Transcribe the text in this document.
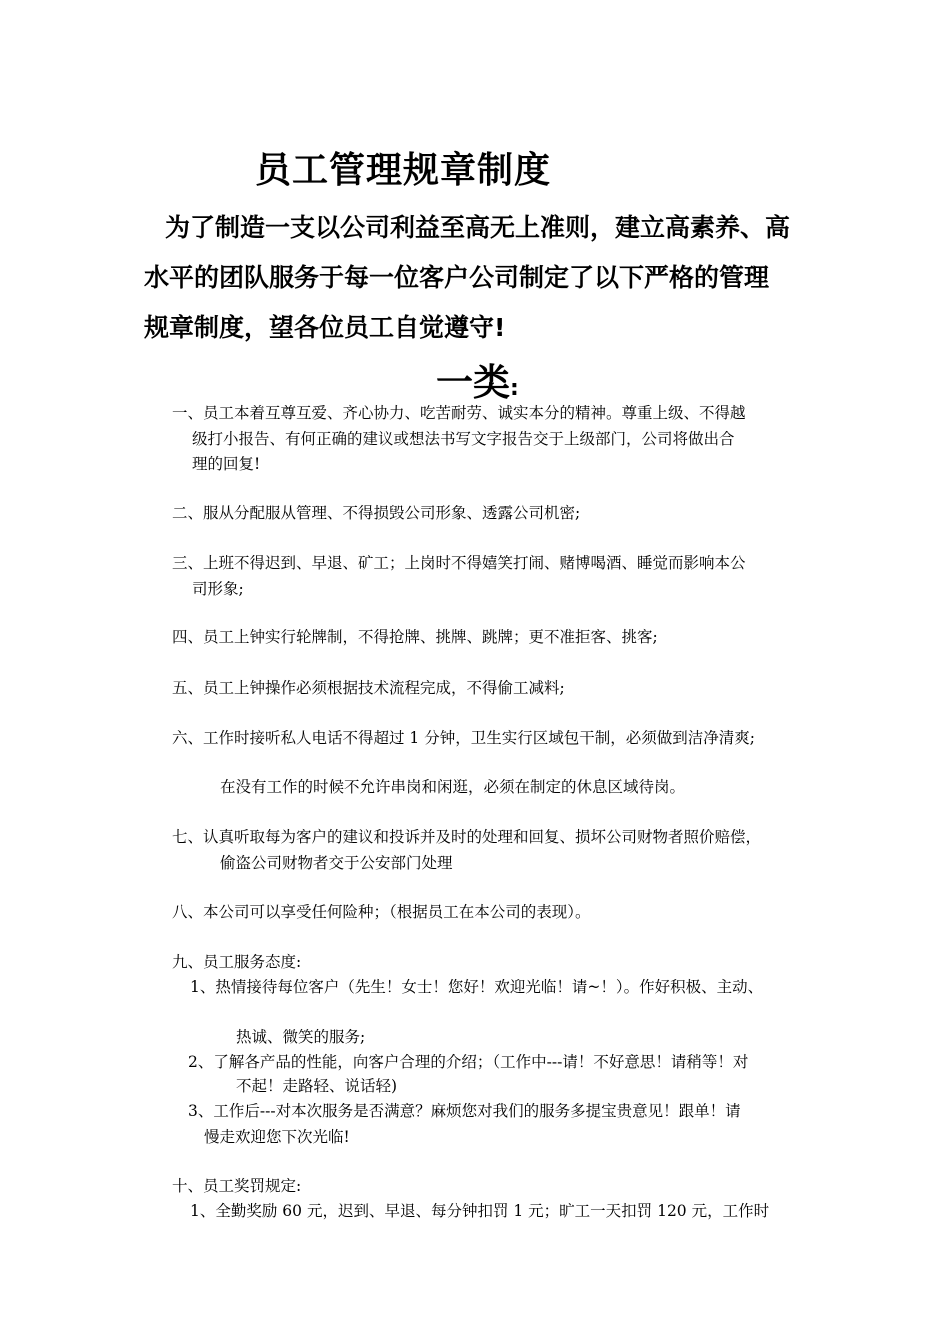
员工管理规章制度
为了制造一支以公司利益至高无上准则，建立高素养、高
水平的团队服务于每一位客户公司制定了以下严格的管理
规章制度，望各位员工自觉遵守!
一类:
一、员工本着互尊互爱、齐心协力、吃苦耐劳、诚实本分的精神。尊重上级、不得越
级打小报告、有何正确的建议或想法书写文字报告交于上级部门，公司将做出合
理的回复!
二、服从分配服从管理、不得损毁公司形象、透露公司机密;
三、上班不得迟到、早退、矿工；上岗时不得嬉笑打闹、赌博喝酒、睡觉而影响本公
司形象;
四、员工上钟实行轮牌制，不得抢牌、挑牌、跳牌；更不准拒客、挑客;
五、员工上钟操作必须根据技术流程完成，不得偷工减料;
六、工作时接听私人电话不得超过 1 分钟，卫生实行区域包干制，必须做到洁净清爽;
在没有工作的时候不允许串岗和闲逛，必须在制定的休息区域待岗。
七、认真听取每为客户的建议和投诉并及时的处理和回复、损坏公司财物者照价赔偿，
偷盗公司财物者交于公安部门处理
八、本公司可以享受任何险种；（根据员工在本公司的表现）。
九、员工服务态度:
1、热情接待每位客户（先生！女士！您好！欢迎光临！请~！）。作好积极、主动、
热诚、微笑的服务;
2、了解各产品的性能，向客户合理的介绍；（工作中---请！不好意思！请稍等！对
不起！走路轻、说话轻)
3、工作后---对本次服务是否满意？麻烦您对我们的服务多提宝贵意见！跟单！请
慢走欢迎您下次光临!
十、员工奖罚规定:
1、全勤奖励 60 元，迟到、早退、每分钟扣罚 1 元；旷工一天扣罚 120 元，工作时
